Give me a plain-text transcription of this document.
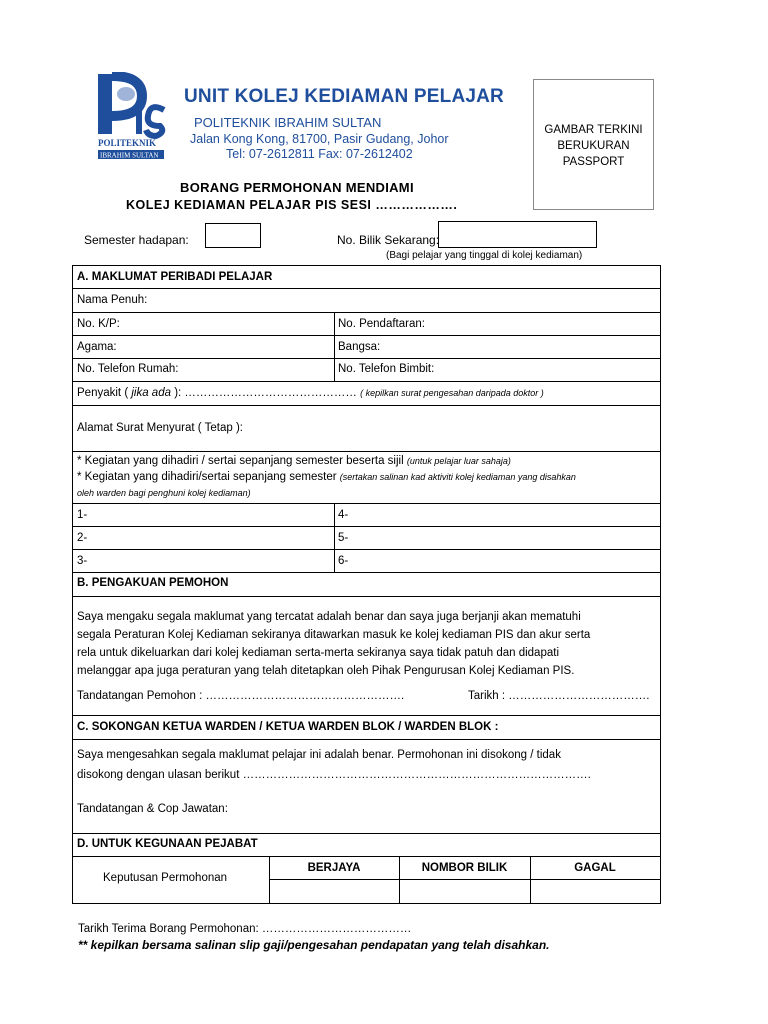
POLITEKNIK
IBRAHIM SULTAN
UNIT KOLEJ KEDIAMAN PELAJAR
POLITEKNIK IBRAHIM SULTAN
Jalan Kong Kong, 81700, Pasir Gudang, Johor
Tel: 07-2612811 Fax: 07-2612402
GAMBAR TERKINI
BERUKURAN
PASSPORT
BORANG PERMOHONAN MENDIAMI
KOLEJ KEDIAMAN PELAJAR PIS SESI ……………….
Semester hadapan:	No. Bilik Sekarang:
(Bagi pelajar yang tinggal di kolej kediaman)
A. MAKLUMAT PERIBADI PELAJAR
Nama Penuh:
No. K/P:	No. Pendaftaran:
Agama:	Bangsa:
No. Telefon Rumah:	No. Telefon Bimbit:
Penyakit ( jika ada ): ……………………………………… ( kepilkan surat pengesahan daripada doktor )
Alamat Surat Menyurat ( Tetap ):
* Kegiatan yang dihadiri / sertai sepanjang semester beserta sijil (untuk pelajar luar sahaja)
* Kegiatan yang dihadiri/sertai sepanjang semester (sertakan salinan kad aktiviti kolej kediaman yang disahkan
oleh warden bagi penghuni kolej kediaman)
1-	4-
2-	5-
3-	6-
B. PENGAKUAN PEMOHON
Saya mengaku segala maklumat yang tercatat adalah benar dan saya juga berjanji akan mematuhi
segala Peraturan Kolej Kediaman sekiranya ditawarkan masuk ke kolej kediaman PIS dan akur serta
rela untuk dikeluarkan dari kolej kediaman serta-merta sekiranya saya tidak patuh dan didapati
melanggar apa juga peraturan yang telah ditetapkan oleh Pihak Pengurusan Kolej Kediaman PIS.
Tandatangan Pemohon : …………………………………………….	Tarikh : ……………………………….
C. SOKONGAN KETUA WARDEN / KETUA WARDEN BLOK / WARDEN BLOK :
Saya mengesahkan segala maklumat pelajar ini adalah benar. Permohonan ini disokong / tidak
disokong dengan ulasan berikut ……………………………………………………………………………….
Tandatangan & Cop Jawatan:
D. UNTUK KEGUNAAN PEJABAT
Keputusan Permohonan
BERJAYA	NOMBOR BILIK	GAGAL
Tarikh Terima Borang Permohonan: …………………………………
** kepilkan bersama salinan slip gaji/pengesahan pendapatan yang telah disahkan.
